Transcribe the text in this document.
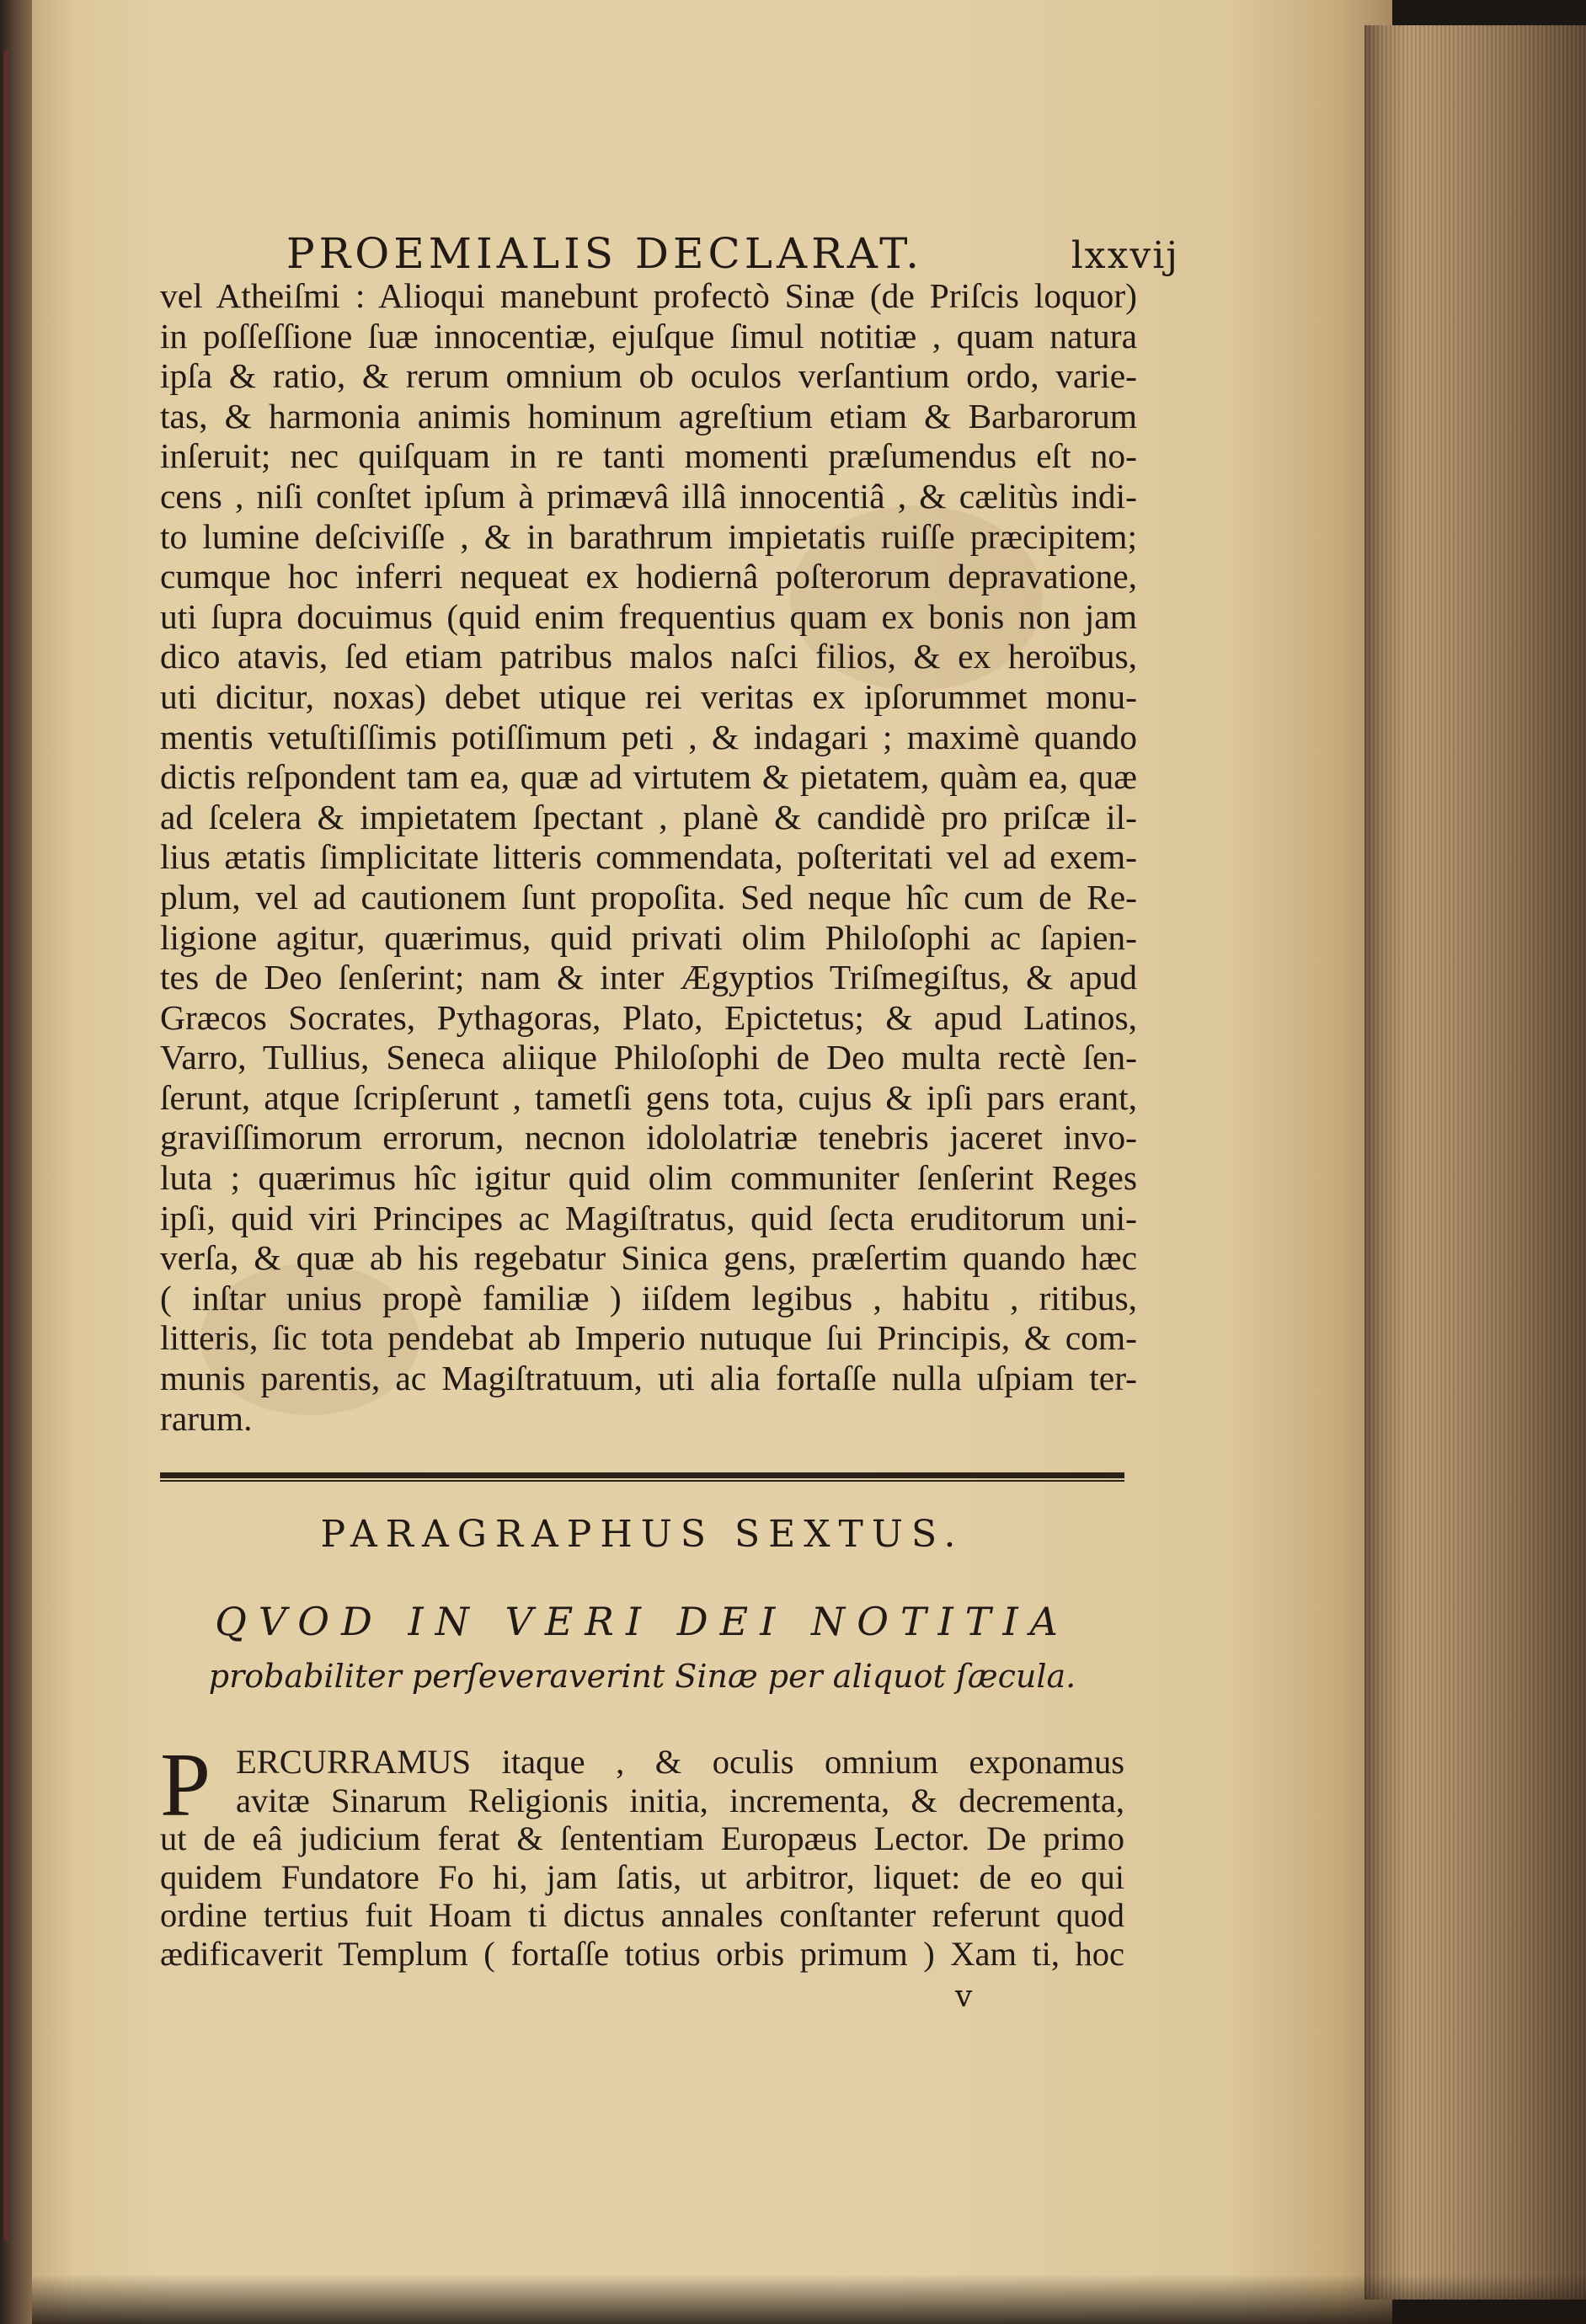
PROEMIALIS DECLARAT.	lxxvij
vel Atheiſmi : Alioqui manebunt profectò Sinæ (de Priſcis loquor)
in poſſeſſione ſuæ innocentiæ, ejuſque ſimul notitiæ , quam natura
ipſa & ratio, & rerum omnium ob oculos verſantium ordo, varie-
tas, & harmonia animis hominum agreſtium etiam & Barbarorum
inſeruit; nec quiſquam in re tanti momenti præſumendus eſt no-
cens , niſi conſtet ipſum à primævâ illâ innocentiâ , & cælitùs indi-
to lumine deſciviſſe , & in barathrum impietatis ruiſſe præcipitem;
cumque hoc inferri nequeat ex hodiernâ poſterorum depravatione,
uti ſupra docuimus (quid enim frequentius quam ex bonis non jam
dico atavis, ſed etiam patribus malos naſci filios, & ex heroïbus,
uti dicitur, noxas) debet utique rei veritas ex ipſorummet monu-
mentis vetuſtiſſimis potiſſimum peti , & indagari ; maximè quando
dictis reſpondent tam ea, quæ ad virtutem & pietatem, quàm ea, quæ
ad ſcelera & impietatem ſpectant , planè & candidè pro priſcæ il-
lius ætatis ſimplicitate litteris commendata, poſteritati vel ad exem-
plum, vel ad cautionem ſunt propoſita. Sed neque hîc cum de Re-
ligione agitur, quærimus, quid privati olim Philoſophi ac ſapien-
tes de Deo ſenſerint; nam & inter Ægyptios Triſmegiſtus, & apud
Græcos Socrates, Pythagoras, Plato, Epictetus; & apud Latinos,
Varro, Tullius, Seneca aliique Philoſophi de Deo multa rectè ſen-
ſerunt, atque ſcripſerunt , tametſi gens tota, cujus & ipſi pars erant,
graviſſimorum errorum, necnon idololatriæ tenebris jaceret invo-
luta ; quærimus hîc igitur quid olim communiter ſenſerint Reges
ipſi, quid viri Principes ac Magiſtratus, quid ſecta eruditorum uni-
verſa, & quæ ab his regebatur Sinica gens, præſertim quando hæc
( inſtar unius propè familiæ ) iiſdem legibus , habitu , ritibus,
litteris, ſic tota pendebat ab Imperio nutuque ſui Principis, & com-
munis parentis, ac Magiſtratuum, uti alia fortaſſe nulla uſpiam ter-
rarum.
PARAGRAPHUS SEXTUS.
QVOD IN VERI DEI NOTITIA
probabiliter perſeveraverint Sinæ per aliquot ſæcula.
P ERCURRAMUS itaque , & oculis omnium exponamus
avitæ Sinarum Religionis initia, incrementa, & decrementa,
ut de eâ judicium ferat & ſententiam Europæus Lector. De primo
quidem Fundatore Fo hi, jam ſatis, ut arbitror, liquet: de eo qui
ordine tertius fuit Hoam ti dictus annales conſtanter referunt quod
ædificaverit Templum ( fortaſſe totius orbis primum ) Xam ti, hoc
v
